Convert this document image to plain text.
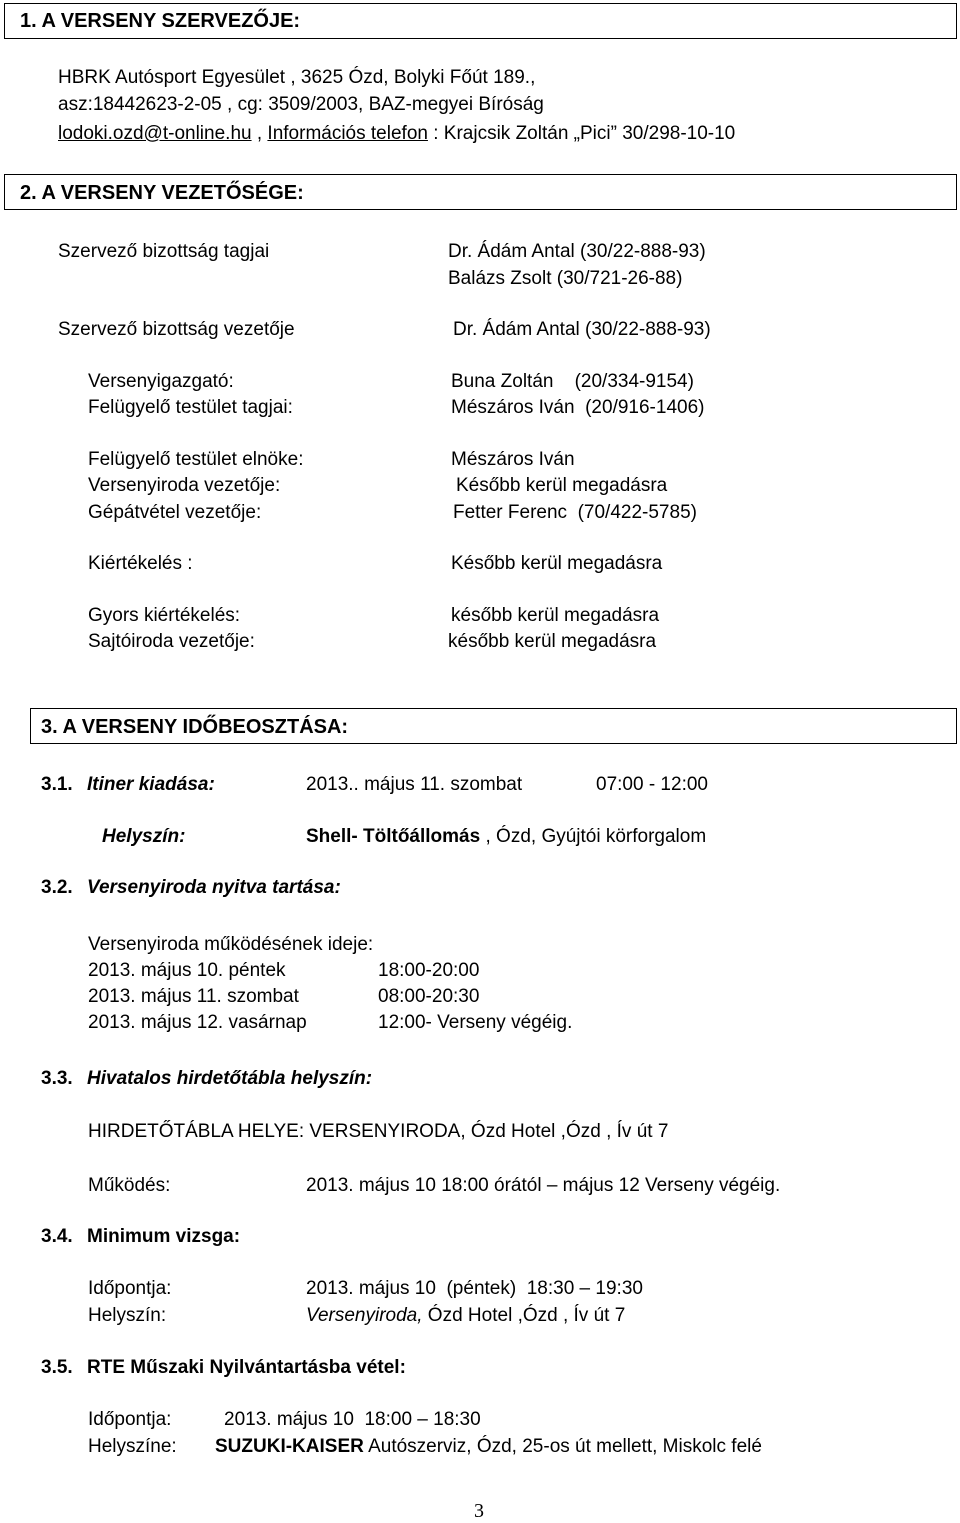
1. A VERSENY SZERVEZŐJE:
HBRK Autósport Egyesület , 3625 Ózd, Bolyki Főút 189.,
asz:18442623-2-05 , cg: 3509/2003, BAZ-megyei Bíróság
lodoki.ozd@t-online.hu , Információs telefon : Krajcsik Zoltán „Pici” 30/298-10-10
2. A VERSENY VEZETŐSÉGE:
Szervező bizottság tagjai	Dr. Ádám Antal (30/22-888-93)
Balázs Zsolt (30/721-26-88)
Szervező bizottság vezetője	Dr. Ádám Antal (30/22-888-93)
Versenyigazgató:	Buna Zoltán    (20/334-9154)
Felügyelő testület tagjai:	Mészáros Iván  (20/916-1406)
Felügyelő testület elnöke:	Mészáros Iván
Versenyiroda vezetője:	Később kerül megadásra
Gépátvétel vezetője:	Fetter Ferenc  (70/422-5785)
Kiértékelés :	Később kerül megadásra
Gyors kiértékelés:	később kerül megadásra
Sajtóiroda vezetője:	később kerül megadásra
3. A VERSENY IDŐBEOSZTÁSA:
3.1. Itiner kiadása:	2013.. május 11. szombat	07:00 - 12:00
Helyszín:	Shell- Töltőállomás , Ózd, Gyújtói körforgalom
3.2. Versenyiroda nyitva tartása:
Versenyiroda működésének ideje:
2013. május 10. péntek	18:00-20:00
2013. május 11. szombat	08:00-20:30
2013. május 12. vasárnap	12:00- Verseny végéig.
3.3. Hivatalos hirdetőtábla helyszín:
HIRDETŐTÁBLA HELYE: VERSENYIRODA, Ózd Hotel ,Ózd , Ív út 7
Működés:	2013. május 10 18:00 órától – május 12 Verseny végéig.
3.4. Minimum vizsga:
Időpontja:	2013. május 10  (péntek)  18:30 – 19:30
Helyszín:	Versenyiroda, Ózd Hotel ,Ózd , Ív út 7
3.5. RTE Műszaki Nyilvántartásba vétel:
Időpontja:	2013. május 10  18:00 – 18:30
Helyszíne: SUZUKI-KAISER Autószerviz, Ózd, 25-os út mellett, Miskolc felé
3
